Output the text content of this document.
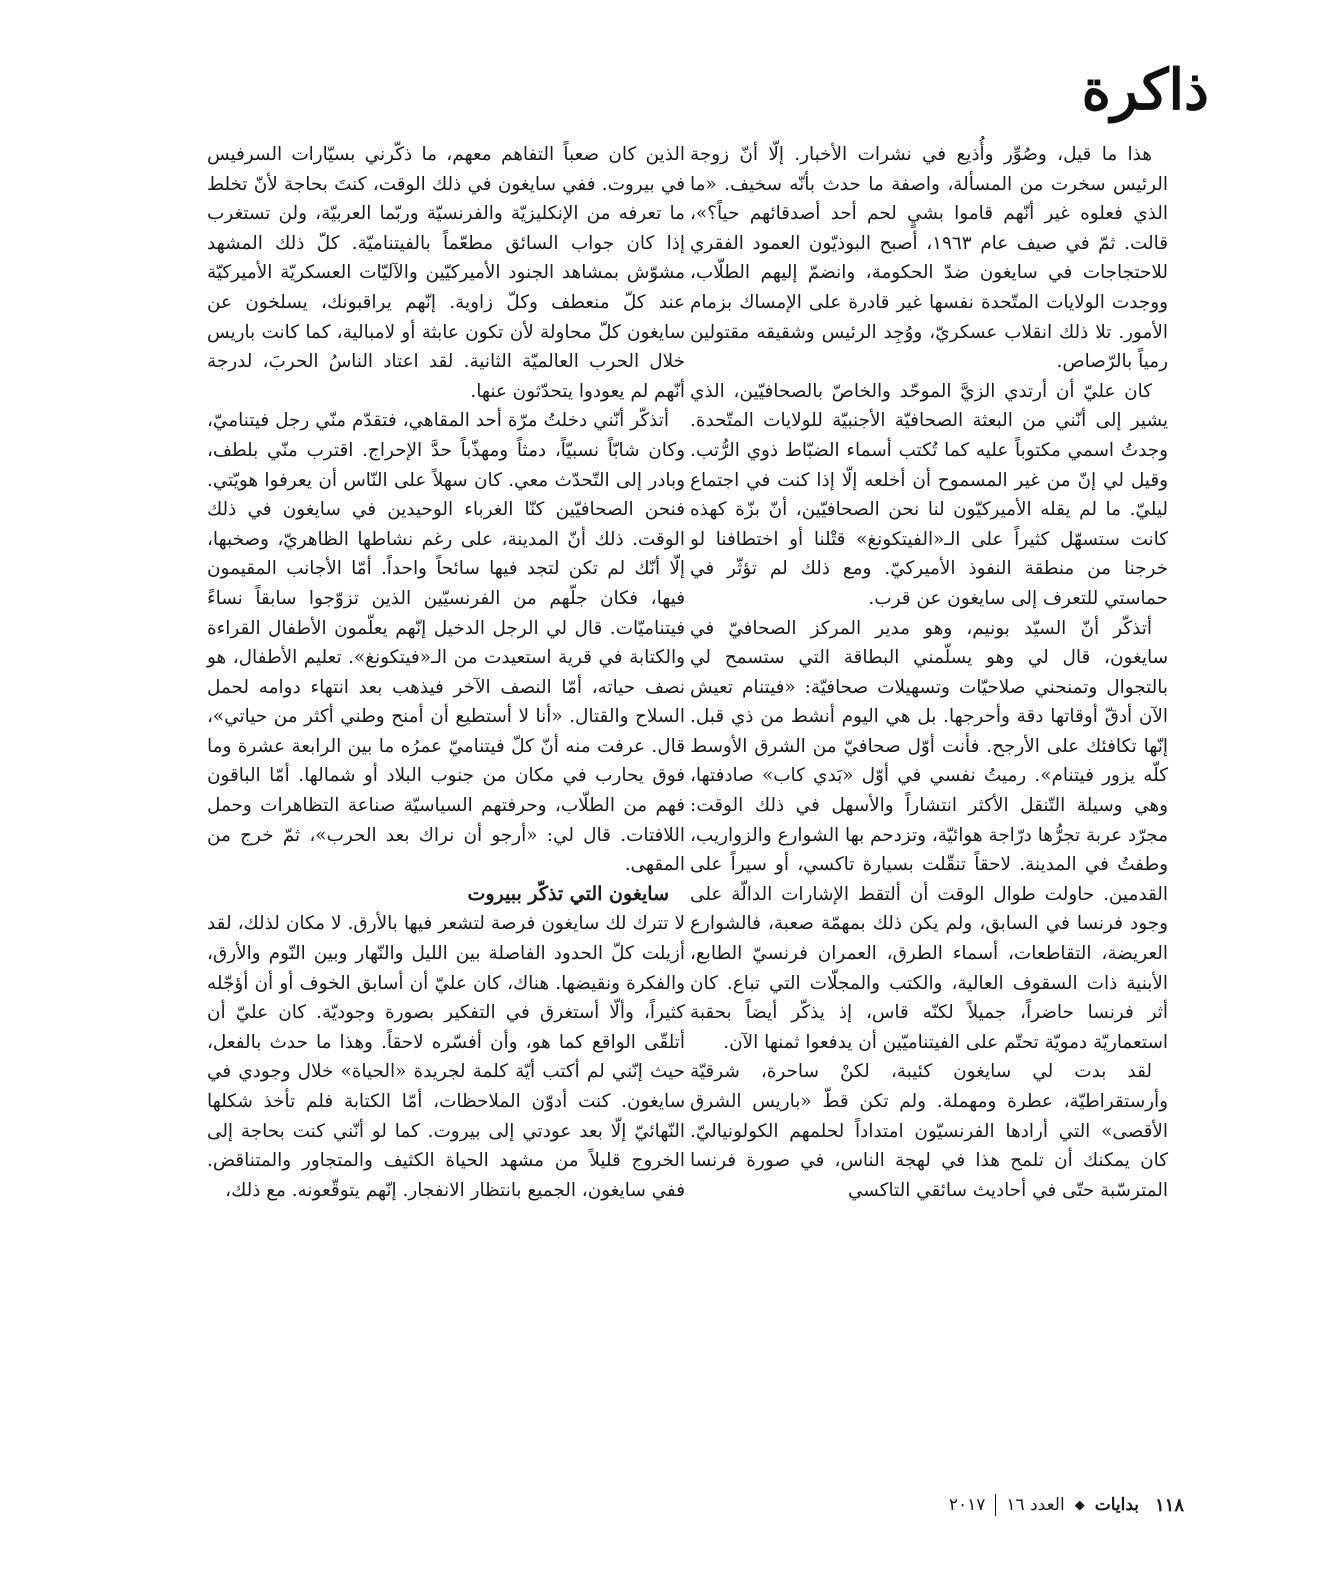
ذاكرة

هذا ما قيل، وصُوِّر وأُذيع في نشرات الأخبار. إلّا أنّ زوجة الرئيس سخرت من المسألة، واصفة ما حدث بأنّه سخيف. «ما الذي فعلوه غير أنّهم قاموا بشيٍ لحم أحد أصدقائهم حياً؟»، قالت. ثمّ في صيف عام ١٩٦٣، أصبح البوذيّون العمود الفقري للاحتجاجات في سايغون ضدّ الحكومة، وانضمّ إليهم الطلّاب، ووجدت الولايات المتّحدة نفسها غير قادرة على الإمساك بزمام الأمور. تلا ذلك انقلاب عسكريّ، ووُجِد الرئيس وشقيقه مقتولين رمياً بالرّصاص.

كان عليّ أن أرتدي الزيَّ الموحّد والخاصّ بالصحافيّين، الذي يشير إلى أنّني من البعثة الصحافيّة الأجنبيّة للولايات المتّحدة. وجدتُ اسمي مكتوباً عليه كما تُكتب أسماء الضبّاط ذوي الرُّتب. وقيل لي إنّ من غير المسموح أن أخلعه إلّا إذا كنت في اجتماع ليليّ. ما لم يقله الأميركيّون لنا نحن الصحافيّين، أنّ بزّة كهذه كانت ستسهّل كثيراً على الـ«الفيتكونغ» قتْلنا أو اختطافنا لو خرجنا من منطقة النفوذ الأميركيّ. ومع ذلك لم تؤثّر في حماستي للتعرف إلى سايغون عن قرب.

أتذكّر أنّ السيّد بونيم، وهو مدير المركز الصحافيّ في سايغون، قال لي وهو يسلّمني البطاقة التي ستسمح لي بالتجوال وتمنحني صلاحيّات وتسهيلات صحافيّة: «فيتنام تعيش الآن أدقّ أوقاتها دقة وأحرجها. بل هي اليوم أنشط من ذي قبل. إنّها تكافئك على الأرجح. فأنت أوّل صحافيّ من الشرق الأوسط كلّه يزور فيتنام». رميتُ نفسي في أوّل «بَدي كاب» صادفتها، وهي وسيلة التّنقل الأكثر انتشاراً والأسهل في ذلك الوقت: مجرّد عربة تجرُّها درّاجة هوائيّة، وتزدحم بها الشوارع والزواريب، وطفتُ في المدينة. لاحقاً تنقّلت بسيارة تاكسي، أو سيراً على القدمين. حاولت طوال الوقت أن ألتقط الإشارات الدالّة على وجود فرنسا في السابق، ولم يكن ذلك بمهمّة صعبة، فالشوارع العريضة، التقاطعات، أسماء الطرق، العمران فرنسيّ الطابع، الأبنية ذات السقوف العالية، والكتب والمجلّات التي تباع. كان أثر فرنسا حاضراً، جميلاً لكنّه قاس، إذ يذكّر أيضاً بحقبة استعماريّة دمويّة تحتّم على الفيتناميّين أن يدفعوا ثمنها الآن.

لقد بدت لي سايغون كئيبة، لكنْ ساحرة، شرقيّة وأرستقراطيّة، عطرة ومهملة. ولم تكن قطّ «باريس الشرق الأقصى» التي أرادها الفرنسيّون امتداداً لحلمهم الكولونياليّ. كان يمكنك أن تلمح هذا في لهجة الناس، في صورة فرنسا المترسّبة حتّى في أحاديث سائقي التاكسي

الذين كان صعباً التفاهم معهم، ما ذكّرني بسيّارات السرفيس في بيروت. ففي سايغون في ذلك الوقت، كنتَ بحاجة لأنّ تخلط ما تعرفه من الإنكليزيّة والفرنسيّة وربّما العربيّة، ولن تستغرب إذا كان جواب السائق مطعّماً بالفيتناميّة. كلّ ذلك المشهد مشوّش بمشاهد الجنود الأميركيّين والآليّات العسكريّة الأميركيّة عند كلّ منعطف وكلّ زاوية. إنّهم يراقبونك، يسلخون عن سايغون كلّ محاولة لأن تكون عابثة أو لامبالية، كما كانت باريس خلال الحرب العالميّة الثانية. لقد اعتاد الناسُ الحربَ، لدرجة أنّهم لم يعودوا يتحدّثون عنها.

أتذكّر أنّني دخلتُ مرّة أحد المقاهي، فتقدّم منّي رجل فيتناميّ، وكان شابّاً نسبيّاً، دمثاً ومهذّباً حدَّ الإحراج. اقترب منّي بلطف، وبادر إلى التّحدّث معي. كان سهلاً على النّاس أن يعرفوا هويّتي. فنحن الصحافيّين كنّا الغرباء الوحيدين في سايغون في ذلك الوقت. ذلك أنّ المدينة، على رغم نشاطها الظاهريّ، وصخبها، إلّا أنّك لم تكن لتجد فيها سائحاً واحداً. أمّا الأجانب المقيمون فيها، فكان جلّهم من الفرنسيّين الذين تزوّجوا سابقاً نساءً فيتناميّات. قال لي الرجل الدخيل إنّهم يعلّمون الأطفال القراءة والكتابة في قرية استعيدت من الـ«فيتكونغ». تعليم الأطفال، هو نصف حياته، أمّا النصف الآخر فيذهب بعد انتهاء دوامه لحمل السلاح والقتال. «أنا لا أستطيع أن أمنح وطني أكثر من حياتي»، قال. عرفت منه أنّ كلّ فيتناميّ عمرُه ما بين الرابعة عشرة وما فوق يحارب في مكان من جنوب البلاد أو شمالها. أمّا الباقون فهم من الطلّاب، وحرفتهم السياسيّة صناعة التظاهرات وحمل اللافتات. قال لي: «أرجو أن نراك بعد الحرب»، ثمّ خرج من المقهى.

سايغون التي تذكّر ببيروت

لا تترك لك سايغون فرصة لتشعر فيها بالأرق. لا مكان لذلك، لقد أزيلت كلّ الحدود الفاصلة بين الليل والنّهار وبين النّوم والأرق، والفكرة ونقيضها. هناك، كان عليّ أن أسابق الخوف أو أن أؤجّله كثيراً، وألّا أستغرق في التفكير بصورة وجوديّة. كان عليّ أن أتلقّى الواقع كما هو، وأن أفسّره لاحقاً. وهذا ما حدث بالفعل، حيث إنّني لم أكتب أيّة كلمة لجريدة «الحياة» خلال وجودي في سايغون. كنت أدوّن الملاحظات، أمّا الكتابة فلم تأخذ شكلها النّهائيّ إلّا بعد عودتي إلى بيروت. كما لو أنّني كنت بحاجة إلى الخروج قليلاً من مشهد الحياة الكثيف والمتجاور والمتناقض. ففي سايغون، الجميع بانتظار الانفجار. إنّهم يتوقّعونه. مع ذلك،

١١٨
بدايات
◆
العدد ١٦
٢٠١٧
